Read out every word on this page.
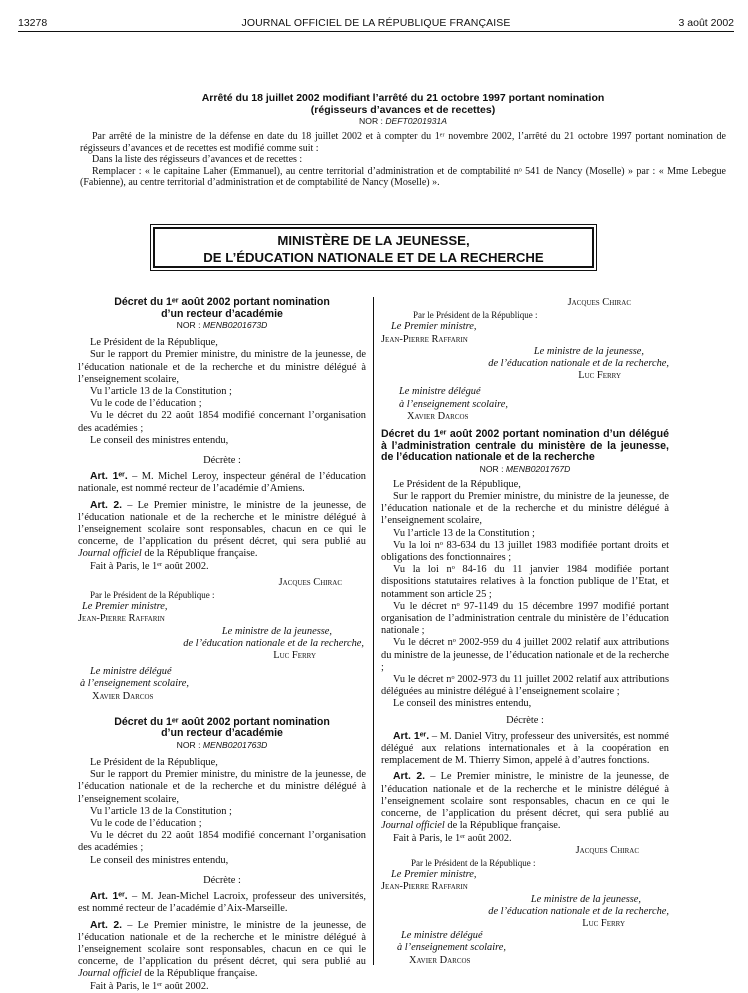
13278	JOURNAL OFFICIEL DE LA RÉPUBLIQUE FRANÇAISE	3 août 2002
Arrêté du 18 juillet 2002 modifiant l’arrêté du 21 octobre 1997 portant nomination
(régisseurs d’avances et de recettes)
NOR : DEFT0201931A

Par arrêté de la ministre de la défense en date du 18 juillet 2002 et à compter du 1ᵉʳ novembre 2002, l’arrêté du 21 octobre 1997 portant nomination de régisseurs d’avances et de recettes est modifié comme suit :

Dans la liste des régisseurs d’avances et de recettes :

Remplacer : « le capitaine Laher (Emmanuel), au centre territorial d’administration et de comptabilité nᵒ 541 de Nancy (Moselle) » par : « Mme Lebegue (Fabienne), au centre territorial d’administration et de comptabilité de Nancy (Moselle) ».

MINISTÈRE DE LA JEUNESSE,
DE L’ÉDUCATION NATIONALE ET DE LA RECHERCHE
Décret du 1ᵉʳ août 2002 portant nomination
d’un recteur d’académie
NOR : MENB0201673D

Le Président de la République,

Sur le rapport du Premier ministre, du ministre de la jeunesse, de l’éducation nationale et de la recherche et du ministre délégué à l’enseignement scolaire,

Vu l’article 13 de la Constitution ;

Vu le code de l’éducation ;

Vu le décret du 22 août 1854 modifié concernant l’organisation des académies ;

Le conseil des ministres entendu,

Décrète :

Art. 1ᵉʳ. – M. Michel Leroy, inspecteur général de l’éducation nationale, est nommé recteur de l’académie d’Amiens.

Art. 2. – Le Premier ministre, le ministre de la jeunesse, de l’éducation nationale et de la recherche et le ministre délégué à l’enseignement scolaire sont responsables, chacun en ce qui le concerne, de l’application du présent décret, qui sera publié au Journal officiel de la République française.

Fait à Paris, le 1ᵉʳ août 2002.

Jacques Chirac
Par le Président de la République :
Le Premier ministre,
Jean-Pierre Raffarin
Le ministre de la jeunesse,
de l’éducation nationale et de la recherche,
Luc Ferry
Le ministre délégué
à l’enseignement scolaire,
Xavier Darcos
Décret du 1ᵉʳ août 2002 portant nomination
d’un recteur d’académie
NOR : MENB0201763D

Le Président de la République,

Sur le rapport du Premier ministre, du ministre de la jeunesse, de l’éducation nationale et de la recherche et du ministre délégué à l’enseignement scolaire,

Vu l’article 13 de la Constitution ;

Vu le code de l’éducation ;

Vu le décret du 22 août 1854 modifié concernant l’organisation des académies ;

Le conseil des ministres entendu,

Décrète :

Art. 1ᵉʳ. – M. Jean-Michel Lacroix, professeur des universités, est nommé recteur de l’académie d’Aix-Marseille.

Art. 2. – Le Premier ministre, le ministre de la jeunesse, de l’éducation nationale et de la recherche et le ministre délégué à l’enseignement scolaire sont responsables, chacun en ce qui le concerne, de l’application du présent décret, qui sera publié au Journal officiel de la République française.

Fait à Paris, le 1ᵉʳ août 2002.

Jacques Chirac
Par le Président de la République :
Le Premier ministre,
Jean-Pierre Raffarin
Le ministre de la jeunesse,
de l’éducation nationale et de la recherche,
Luc Ferry
Le ministre délégué
à l’enseignement scolaire,
Xavier Darcos
Décret du 1ᵉʳ août 2002 portant nomination d’un délégué à l’administration centrale du ministère de la jeunesse, de l’éducation nationale et de la recherche
NOR : MENB0201767D

Le Président de la République,

Sur le rapport du Premier ministre, du ministre de la jeunesse, de l’éducation nationale et de la recherche et du ministre délégué à l’enseignement scolaire,

Vu l’article 13 de la Constitution ;

Vu la loi nᵒ 83-634 du 13 juillet 1983 modifiée portant droits et obligations des fonctionnaires ;

Vu la loi nᵒ 84-16 du 11 janvier 1984 modifiée portant dispositions statutaires relatives à la fonction publique de l’Etat, et notamment son article 25 ;

Vu le décret nᵒ 97-1149 du 15 décembre 1997 modifié portant organisation de l’administration centrale du ministère de l’éducation nationale ;

Vu le décret nᵒ 2002-959 du 4 juillet 2002 relatif aux attributions du ministre de la jeunesse, de l’éducation nationale et de la recherche ;

Vu le décret nᵒ 2002-973 du 11 juillet 2002 relatif aux attributions déléguées au ministre délégué à l’enseignement scolaire ;

Le conseil des ministres entendu,

Décrète :

Art. 1ᵉʳ. – M. Daniel Vitry, professeur des universités, est nommé délégué aux relations internationales et à la coopération en remplacement de M. Thierry Simon, appelé à d’autres fonctions.

Art. 2. – Le Premier ministre, le ministre de la jeunesse, de l’éducation nationale et de la recherche et le ministre délégué à l’enseignement scolaire sont responsables, chacun en ce qui le concerne, de l’application du présent décret, qui sera publié au Journal officiel de la République française.

Fait à Paris, le 1ᵉʳ août 2002.

Jacques Chirac
Par le Président de la République :
Le Premier ministre,
Jean-Pierre Raffarin
Le ministre de la jeunesse,
de l’éducation nationale et de la recherche,
Luc Ferry
Le ministre délégué
à l’enseignement scolaire,
Xavier Darcos
